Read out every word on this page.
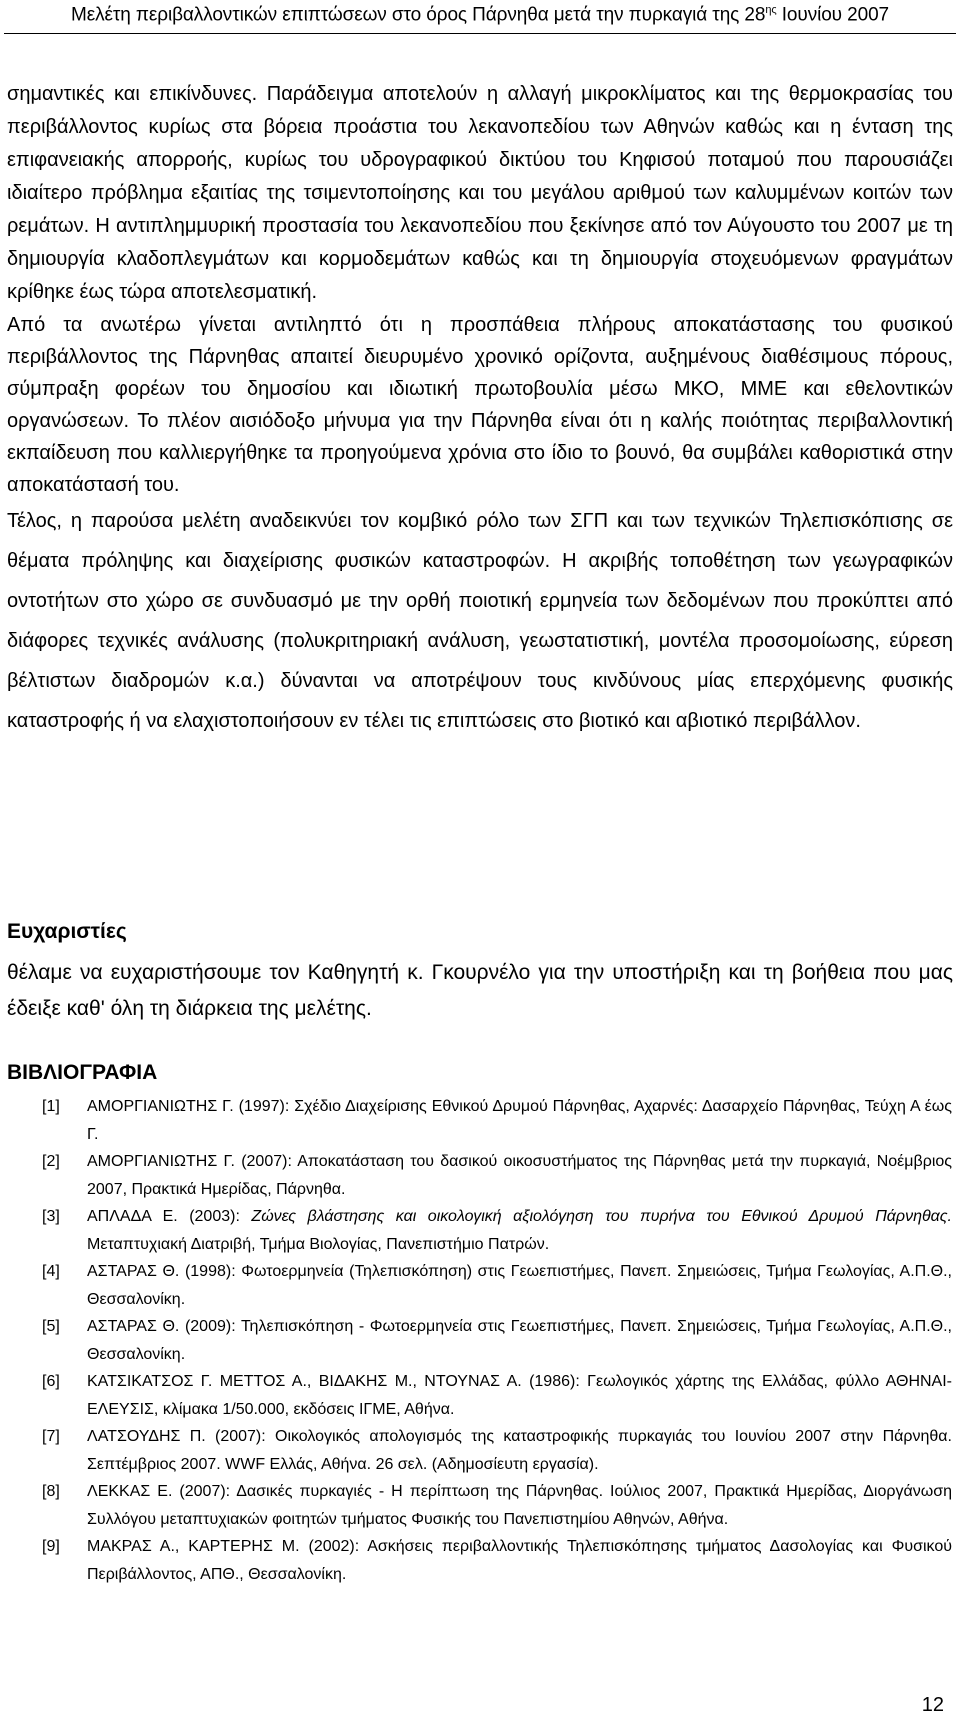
Μελέτη περιβαλλοντικών επιπτώσεων στο όρος Πάρνηθα μετά την πυρκαγιά της $28^{\eta\varsigma}$ Ιουνίου 2007

σημαντικές και επικίνδυνες. Παράδειγμα αποτελούν η αλλαγή μικροκλίματος και της θερμοκρασίας του περιβάλλοντος κυρίως στα βόρεια προάστια του λεκανοπεδίου των Αθηνών καθώς και η ένταση της επιφανειακής απορροής, κυρίως του υδρογραφικού δικτύου του Κηφισού ποταμού που παρουσιάζει ιδιαίτερο πρόβλημα εξαιτίας της τσιμεντοποίησης και του μεγάλου αριθμού των καλυμμένων κοιτών των ρεμάτων. Η αντιπλημμυρική προστασία του λεκανοπεδίου που ξεκίνησε από τον Αύγουστο του 2007 με τη δημιουργία κλαδοπλεγμάτων και κορμοδεμάτων καθώς και τη δημιουργία στοχευόμενων φραγμάτων κρίθηκε έως τώρα αποτελεσματική.

Από τα ανωτέρω γίνεται αντιληπτό ότι η προσπάθεια πλήρους αποκατάστασης του φυσικού περιβάλλοντος της Πάρνηθας απαιτεί διευρυμένο χρονικό ορίζοντα, αυξημένους διαθέσιμους πόρους, σύμπραξη φορέων του δημοσίου και ιδιωτική πρωτοβουλία μέσω ΜΚΟ, ΜΜΕ και εθελοντικών οργανώσεων. Το πλέον αισιόδοξο μήνυμα για την Πάρνηθα είναι ότι η καλής ποιότητας περιβαλλοντική εκπαίδευση που καλλιεργήθηκε τα προηγούμενα χρόνια στο ίδιο το βουνό, θα συμβάλει καθοριστικά στην αποκατάστασή του.

Τέλος, η παρούσα μελέτη αναδεικνύει τον κομβικό ρόλο των ΣΓΠ και των τεχνικών Τηλεπισκόπισης σε θέματα πρόληψης και διαχείρισης φυσικών καταστροφών. Η ακριβής τοποθέτηση των γεωγραφικών οντοτήτων στο χώρο σε συνδυασμό με την ορθή ποιοτική ερμηνεία των δεδομένων που προκύπτει από διάφορες τεχνικές ανάλυσης (πολυκριτηριακή ανάλυση, γεωστατιστική, μοντέλα προσομοίωσης, εύρεση βέλτιστων διαδρομών κ.α.) δύνανται να αποτρέψουν τους κινδύνους μίας επερχόμενης φυσικής καταστροφής ή να ελαχιστοποιήσουν εν τέλει τις επιπτώσεις στο βιοτικό και αβιοτικό περιβάλλον.

Ευχαριστίες

θέλαμε να ευχαριστήσουμε τον Καθηγητή κ. Γκουρνέλο για την υποστήριξη και τη βοήθεια που μας έδειξε καθ' όλη τη διάρκεια της μελέτης.

ΒΙΒΛΙΟΓΡΑΦΙΑ
[1] ΑΜΟΡΓΙΑΝΙΩΤΗΣ Γ. (1997): Σχέδιο Διαχείρισης Εθνικού Δρυμού Πάρνηθας, Αχαρνές: Δασαρχείο Πάρνηθας, Τεύχη Α έως Γ.
[2] ΑΜΟΡΓΙΑΝΙΩΤΗΣ Γ. (2007): Αποκατάσταση του δασικού οικοσυστήματος της Πάρνηθας μετά την πυρκαγιά, Νοέμβριος 2007, Πρακτικά Ημερίδας, Πάρνηθα.
[3] ΑΠΛΑΔΑ Ε. (2003): Ζώνες βλάστησης και οικολογική αξιολόγηση του πυρήνα του Εθνικού Δρυμού Πάρνηθας. Μεταπτυχιακή Διατριβή, Τμήμα Βιολογίας, Πανεπιστήμιο Πατρών.
[4] ΑΣΤΑΡΑΣ Θ. (1998): Φωτοερμηνεία (Τηλεπισκόπηση) στις Γεωεπιστήμες, Πανεπ. Σημειώσεις, Τμήμα Γεωλογίας, Α.Π.Θ., Θεσσαλονίκη.
[5] ΑΣΤΑΡΑΣ Θ. (2009): Τηλεπισκόπηση - Φωτοερμηνεία στις Γεωεπιστήμες, Πανεπ. Σημειώσεις, Τμήμα Γεωλογίας, Α.Π.Θ., Θεσσαλονίκη.
[6] ΚΑΤΣΙΚΑΤΣΟΣ Γ. ΜΕΤΤΟΣ Α., ΒΙΔΑΚΗΣ Μ., ΝΤΟΥΝΑΣ Α. (1986): Γεωλογικός χάρτης της Ελλάδας, φύλλο ΑΘΗΝΑΙ-ΕΛΕΥΣΙΣ, κλίμακα 1/50.000, εκδόσεις ΙΓΜΕ, Αθήνα.
[7] ΛΑΤΣΟΥΔΗΣ Π. (2007): Οικολογικός απολογισμός της καταστροφικής πυρκαγιάς του Ιουνίου 2007 στην Πάρνηθα. Σεπτέμβριος 2007. WWF Ελλάς, Αθήνα. 26 σελ. (Αδημοσίευτη εργασία).
[8] ΛΕΚΚΑΣ Ε. (2007): Δασικές πυρκαγιές - Η περίπτωση της Πάρνηθας. Ιούλιος 2007, Πρακτικά Ημερίδας, Διοργάνωση Συλλόγου μεταπτυχιακών φοιτητών τμήματος Φυσικής του Πανεπιστημίου Αθηνών, Αθήνα.
[9] ΜΑΚΡΑΣ Α., ΚΑΡΤΕΡΗΣ Μ. (2002): Ασκήσεις περιβαλλοντικής Τηλεπισκόπησης τμήματος Δασολογίας και Φυσικού Περιβάλλοντος, ΑΠΘ., Θεσσαλονίκη.
12
